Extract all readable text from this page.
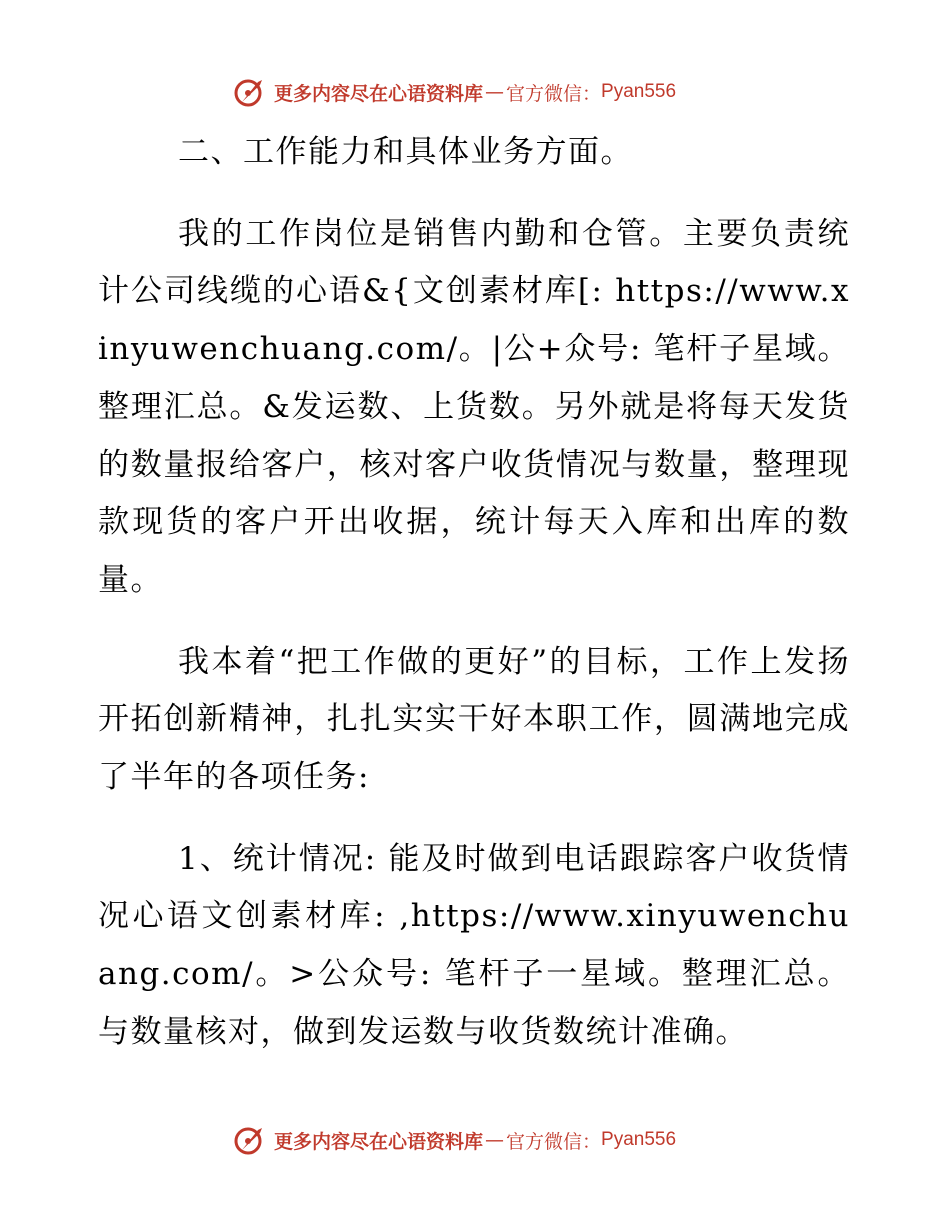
更多内容尽在心语资料库 — 官方微信： Pyan556

二、工作能力和具体业务方面。

我的工作岗位是销售内勤和仓管。主要负责统计公司线缆的心语&{文创素材库[: https://www.xinyuwenchuang.com/。|公+众号: 笔杆子星域。整理汇总。&发运数、上货数。另外就是将每天发货的数量报给客户，核对客户收货情况与数量，整理现款现货的客户开出收据，统计每天入库和出库的数量。

我本着“把工作做的更好”的目标，工作上发扬开拓创新精神，扎扎实实干好本职工作，圆满地完成了半年的各项任务:

1、统计情况: 能及时做到电话跟踪客户收货情况心语文创素材库: ,https://www.xinyuwenchuang.com/。>公众号: 笔杆子一星域。整理汇总。与数量核对，做到发运数与收货数统计准确。

更多内容尽在心语资料库 — 官方微信： Pyan556
